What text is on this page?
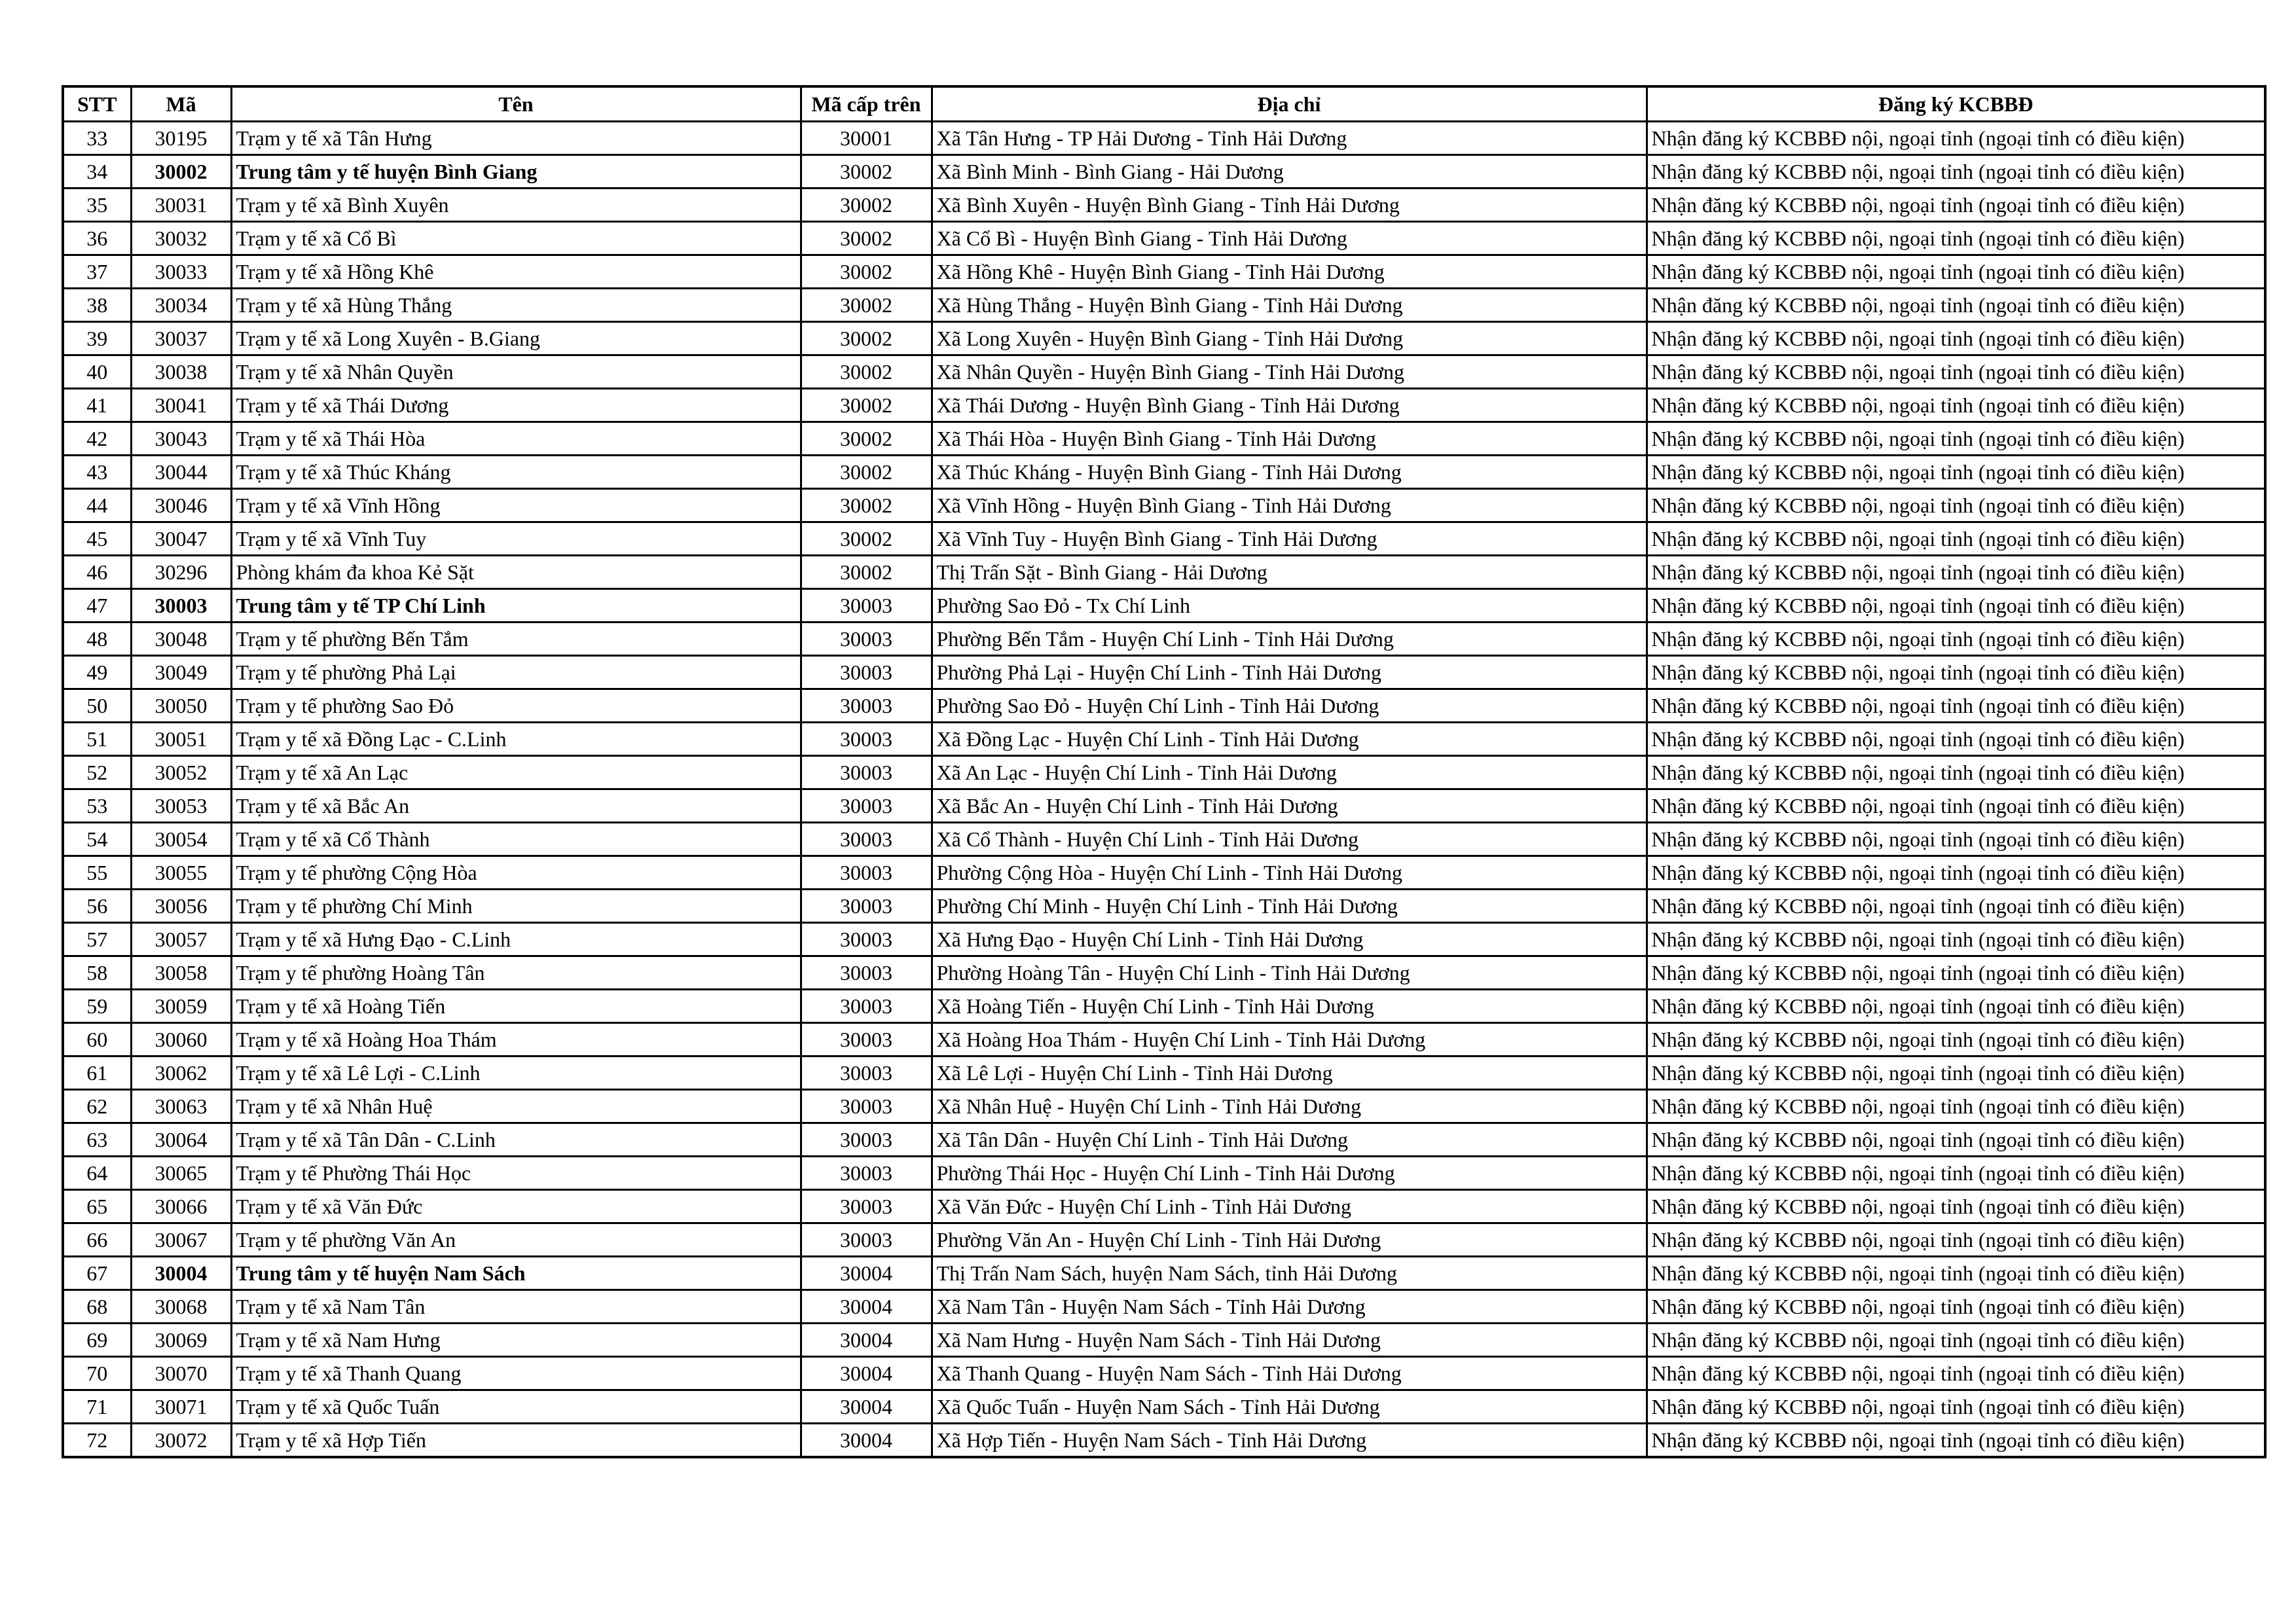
STT	Mã	Tên	Mã cấp trên	Địa chỉ	Đăng ký KCBBĐ
33	30195	Trạm y tế xã Tân Hưng	30001	Xã Tân Hưng - TP Hải Dương - Tỉnh Hải Dương	Nhận đăng ký KCBBĐ nội, ngoại tỉnh (ngoại tỉnh có điều kiện)
34	30002	Trung tâm y tế huyện Bình Giang	30002	Xã Bình Minh - Bình Giang - Hải Dương	Nhận đăng ký KCBBĐ nội, ngoại tỉnh (ngoại tỉnh có điều kiện)
35	30031	Trạm y tế xã Bình Xuyên	30002	Xã Bình Xuyên - Huyện Bình Giang - Tỉnh Hải Dương	Nhận đăng ký KCBBĐ nội, ngoại tỉnh (ngoại tỉnh có điều kiện)
36	30032	Trạm y tế xã Cổ Bì	30002	Xã Cổ Bì - Huyện Bình Giang - Tỉnh Hải Dương	Nhận đăng ký KCBBĐ nội, ngoại tỉnh (ngoại tỉnh có điều kiện)
37	30033	Trạm y tế xã Hồng Khê	30002	Xã Hồng Khê - Huyện Bình Giang - Tỉnh Hải Dương	Nhận đăng ký KCBBĐ nội, ngoại tỉnh (ngoại tỉnh có điều kiện)
38	30034	Trạm y tế xã Hùng Thắng	30002	Xã Hùng Thắng - Huyện Bình Giang - Tỉnh Hải Dương	Nhận đăng ký KCBBĐ nội, ngoại tỉnh (ngoại tỉnh có điều kiện)
39	30037	Trạm y tế xã Long Xuyên - B.Giang	30002	Xã Long Xuyên - Huyện Bình Giang - Tỉnh Hải Dương	Nhận đăng ký KCBBĐ nội, ngoại tỉnh (ngoại tỉnh có điều kiện)
40	30038	Trạm y tế xã Nhân Quyền	30002	Xã Nhân Quyền - Huyện Bình Giang - Tỉnh Hải Dương	Nhận đăng ký KCBBĐ nội, ngoại tỉnh (ngoại tỉnh có điều kiện)
41	30041	Trạm y tế xã Thái Dương	30002	Xã Thái Dương - Huyện Bình Giang - Tỉnh Hải Dương	Nhận đăng ký KCBBĐ nội, ngoại tỉnh (ngoại tỉnh có điều kiện)
42	30043	Trạm y tế xã Thái Hòa	30002	Xã Thái Hòa - Huyện Bình Giang - Tỉnh Hải Dương	Nhận đăng ký KCBBĐ nội, ngoại tỉnh (ngoại tỉnh có điều kiện)
43	30044	Trạm y tế xã Thúc Kháng	30002	Xã Thúc Kháng - Huyện Bình Giang - Tỉnh Hải Dương	Nhận đăng ký KCBBĐ nội, ngoại tỉnh (ngoại tỉnh có điều kiện)
44	30046	Trạm y tế xã Vĩnh Hồng	30002	Xã Vĩnh Hồng - Huyện Bình Giang - Tỉnh Hải Dương	Nhận đăng ký KCBBĐ nội, ngoại tỉnh (ngoại tỉnh có điều kiện)
45	30047	Trạm y tế xã Vĩnh Tuy	30002	Xã Vĩnh Tuy - Huyện Bình Giang - Tỉnh Hải Dương	Nhận đăng ký KCBBĐ nội, ngoại tỉnh (ngoại tỉnh có điều kiện)
46	30296	Phòng khám đa khoa Kẻ Sặt	30002	Thị Trấn Sặt - Bình Giang - Hải Dương	Nhận đăng ký KCBBĐ nội, ngoại tỉnh (ngoại tỉnh có điều kiện)
47	30003	Trung tâm y tế TP Chí Linh	30003	Phường Sao Đỏ - Tx Chí Linh	Nhận đăng ký KCBBĐ nội, ngoại tỉnh (ngoại tỉnh có điều kiện)
48	30048	Trạm y tế phường Bến Tắm	30003	Phường Bến Tắm - Huyện Chí Linh - Tỉnh Hải Dương	Nhận đăng ký KCBBĐ nội, ngoại tỉnh (ngoại tỉnh có điều kiện)
49	30049	Trạm y tế phường Phả Lại	30003	Phường Phả Lại - Huyện Chí Linh - Tỉnh Hải Dương	Nhận đăng ký KCBBĐ nội, ngoại tỉnh (ngoại tỉnh có điều kiện)
50	30050	Trạm y tế phường Sao Đỏ	30003	Phường Sao Đỏ - Huyện Chí Linh - Tỉnh Hải Dương	Nhận đăng ký KCBBĐ nội, ngoại tỉnh (ngoại tỉnh có điều kiện)
51	30051	Trạm y tế xã Đồng Lạc - C.Linh	30003	Xã Đồng Lạc - Huyện Chí Linh - Tỉnh Hải Dương	Nhận đăng ký KCBBĐ nội, ngoại tỉnh (ngoại tỉnh có điều kiện)
52	30052	Trạm y tế xã An Lạc	30003	Xã An Lạc - Huyện Chí Linh - Tỉnh Hải Dương	Nhận đăng ký KCBBĐ nội, ngoại tỉnh (ngoại tỉnh có điều kiện)
53	30053	Trạm y tế xã Bắc An	30003	Xã Bắc An - Huyện Chí Linh - Tỉnh Hải Dương	Nhận đăng ký KCBBĐ nội, ngoại tỉnh (ngoại tỉnh có điều kiện)
54	30054	Trạm y tế xã Cổ Thành	30003	Xã Cổ Thành - Huyện Chí Linh - Tỉnh Hải Dương	Nhận đăng ký KCBBĐ nội, ngoại tỉnh (ngoại tỉnh có điều kiện)
55	30055	Trạm y tế phường Cộng Hòa	30003	Phường Cộng Hòa - Huyện Chí Linh - Tỉnh Hải Dương	Nhận đăng ký KCBBĐ nội, ngoại tỉnh (ngoại tỉnh có điều kiện)
56	30056	Trạm y tế phường Chí Minh	30003	Phường Chí Minh - Huyện Chí Linh - Tỉnh Hải Dương	Nhận đăng ký KCBBĐ nội, ngoại tỉnh (ngoại tỉnh có điều kiện)
57	30057	Trạm y tế xã Hưng Đạo - C.Linh	30003	Xã Hưng Đạo - Huyện Chí Linh - Tỉnh Hải Dương	Nhận đăng ký KCBBĐ nội, ngoại tỉnh (ngoại tỉnh có điều kiện)
58	30058	Trạm y tế phường Hoàng Tân	30003	Phường Hoàng Tân - Huyện Chí Linh - Tỉnh Hải Dương	Nhận đăng ký KCBBĐ nội, ngoại tỉnh (ngoại tỉnh có điều kiện)
59	30059	Trạm y tế xã Hoàng Tiến	30003	Xã Hoàng Tiến - Huyện Chí Linh - Tỉnh Hải Dương	Nhận đăng ký KCBBĐ nội, ngoại tỉnh (ngoại tỉnh có điều kiện)
60	30060	Trạm y tế xã Hoàng Hoa Thám	30003	Xã Hoàng Hoa Thám - Huyện Chí Linh - Tỉnh Hải Dương	Nhận đăng ký KCBBĐ nội, ngoại tỉnh (ngoại tỉnh có điều kiện)
61	30062	Trạm y tế xã Lê Lợi - C.Linh	30003	Xã Lê Lợi - Huyện Chí Linh - Tỉnh Hải Dương	Nhận đăng ký KCBBĐ nội, ngoại tỉnh (ngoại tỉnh có điều kiện)
62	30063	Trạm y tế xã Nhân Huệ	30003	Xã Nhân Huệ - Huyện Chí Linh - Tỉnh Hải Dương	Nhận đăng ký KCBBĐ nội, ngoại tỉnh (ngoại tỉnh có điều kiện)
63	30064	Trạm y tế xã Tân Dân - C.Linh	30003	Xã Tân Dân - Huyện Chí Linh - Tỉnh Hải Dương	Nhận đăng ký KCBBĐ nội, ngoại tỉnh (ngoại tỉnh có điều kiện)
64	30065	Trạm y tế Phường Thái Học	30003	Phường Thái Học - Huyện Chí Linh - Tỉnh Hải Dương	Nhận đăng ký KCBBĐ nội, ngoại tỉnh (ngoại tỉnh có điều kiện)
65	30066	Trạm y tế xã Văn Đức	30003	Xã Văn Đức - Huyện Chí Linh - Tỉnh Hải Dương	Nhận đăng ký KCBBĐ nội, ngoại tỉnh (ngoại tỉnh có điều kiện)
66	30067	Trạm y tế phường Văn An	30003	Phường Văn An - Huyện Chí Linh - Tỉnh Hải Dương	Nhận đăng ký KCBBĐ nội, ngoại tỉnh (ngoại tỉnh có điều kiện)
67	30004	Trung tâm y tế huyện Nam Sách	30004	Thị Trấn Nam Sách, huyện Nam Sách, tỉnh Hải Dương	Nhận đăng ký KCBBĐ nội, ngoại tỉnh (ngoại tỉnh có điều kiện)
68	30068	Trạm y tế xã Nam Tân	30004	Xã Nam Tân - Huyện Nam Sách - Tỉnh Hải Dương	Nhận đăng ký KCBBĐ nội, ngoại tỉnh (ngoại tỉnh có điều kiện)
69	30069	Trạm y tế xã Nam Hưng	30004	Xã Nam Hưng - Huyện Nam Sách - Tỉnh Hải Dương	Nhận đăng ký KCBBĐ nội, ngoại tỉnh (ngoại tỉnh có điều kiện)
70	30070	Trạm y tế xã Thanh Quang	30004	Xã Thanh Quang - Huyện Nam Sách - Tỉnh Hải Dương	Nhận đăng ký KCBBĐ nội, ngoại tỉnh (ngoại tỉnh có điều kiện)
71	30071	Trạm y tế xã Quốc Tuấn	30004	Xã Quốc Tuấn - Huyện Nam Sách - Tỉnh Hải Dương	Nhận đăng ký KCBBĐ nội, ngoại tỉnh (ngoại tỉnh có điều kiện)
72	30072	Trạm y tế xã Hợp Tiến	30004	Xã Hợp Tiến - Huyện Nam Sách - Tỉnh Hải Dương	Nhận đăng ký KCBBĐ nội, ngoại tỉnh (ngoại tỉnh có điều kiện)
